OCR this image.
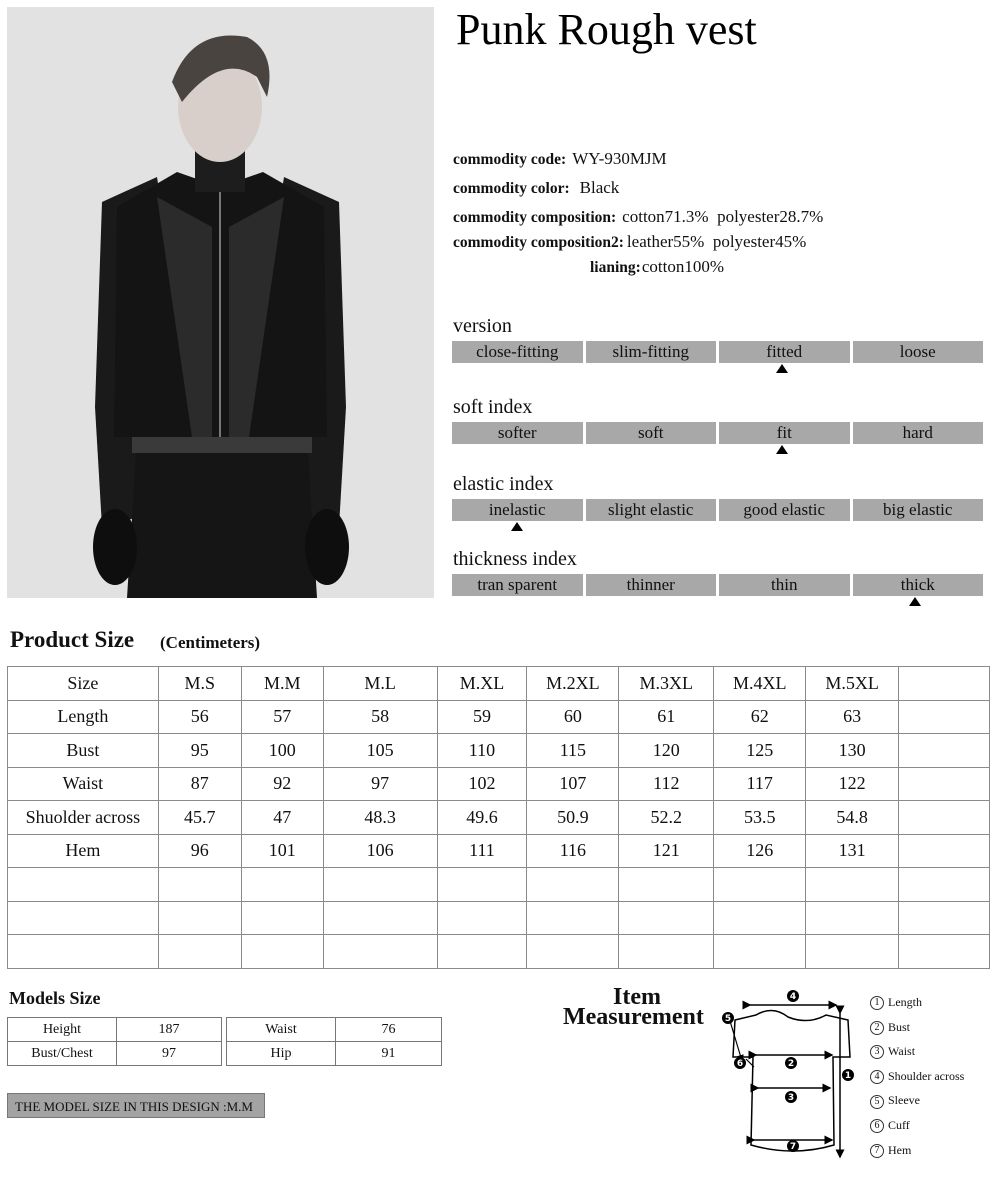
Punk Rough vest
commodity code: WY-930MJM
commodity color: Black
commodity composition: cotton71.3%  polyester28.7%
commodity composition2: leather55%  polyester45%
lianing:cotton100%
version
close-fitting	slim-fitting	fitted	loose
soft index
softer	soft	fit	hard
elastic index
inelastic	slight elastic	good elastic	big elastic
thickness index
tran sparent	thinner	thin	thick
Product Size (Centimeters)
Size	M.S	M.M	M.L	M.XL	M.2XL	M.3XL	M.4XL	M.5XL	
Length	56	57	58	59	60	61	62	63	
Bust	95	100	105	110	115	120	125	130	
Waist	87	92	97	102	107	112	117	122	
Shuolder across	45.7	47	48.3	49.6	50.9	52.2	53.5	54.8	
Hem	96	101	106	111	116	121	126	131	

Models Size
Height	187
Bust/Chest	97
Waist	76
Hip	91
THE MODEL SIZE IN THIS DESIGN :M.M
Item
Measurement
4
5
6	2
3
7
1
1 Length
2 Bust
3 Waist
4 Shoulder across
5 Sleeve
6 Cuff
7 Hem
